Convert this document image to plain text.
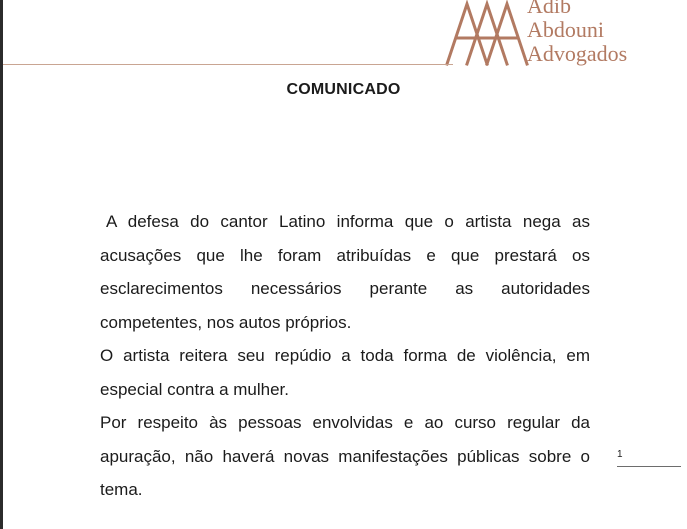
Adib
Abdouni
Advogados
COMUNICADO

A defesa do cantor Latino informa que o artista nega as acusações que lhe foram atribuídas e que prestará os esclarecimentos necessários perante as autoridades competentes, nos autos próprios.

O artista reitera seu repúdio a toda forma de violência, em especial contra a mulher.

Por respeito às pessoas envolvidas e ao curso regular da apuração, não haverá novas manifestações públicas sobre o tema.

1
